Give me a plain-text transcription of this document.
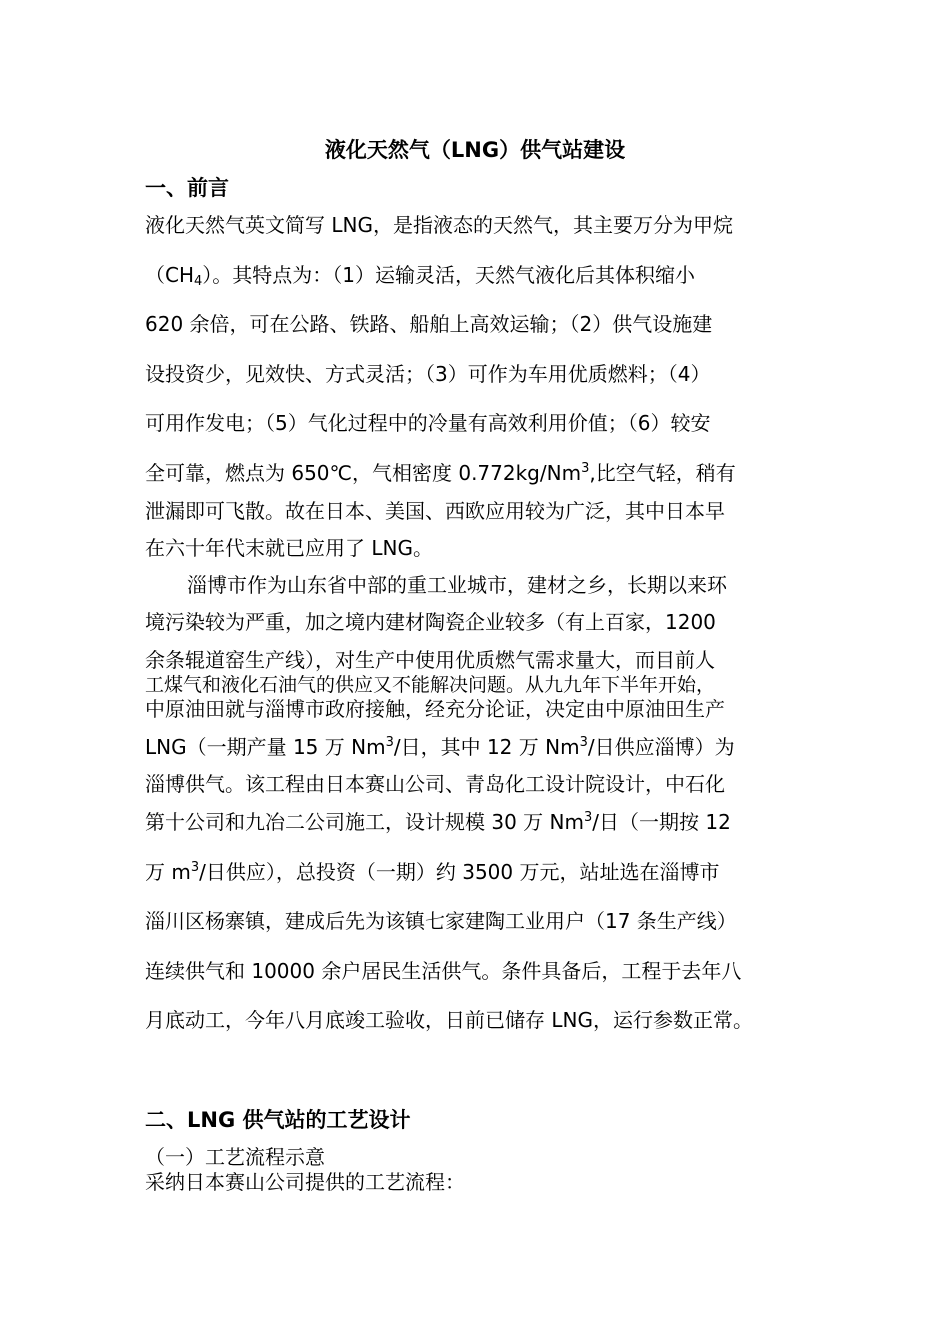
液化天然气（LNG）供气站建设
一、前言
液化天然气英文简写 LNG，是指液态的天然气，其主要万分为甲烷
$(CH_4)$。其特点为：（1）运输灵活，天然气液化后其体积缩小
620 余倍，可在公路、铁路、船舶上高效运输；（2）供气设施建
设投资少，见效快、方式灵活；（3）可作为车用优质燃料；（4）
可用作发电；（5）气化过程中的冷量有高效利用价值；（6）较安
全可靠，燃点为 650℃，气相密度 0.772kg/Nm$^3$,比空气轻，稍有
泄漏即可飞散。故在日本、美国、西欧应用较为广泛，其中日本早
在六十年代末就已应用了 LNG。
淄博市作为山东省中部的重工业城市，建材之乡，长期以来环
境污染较为严重，加之境内建材陶瓷企业较多（有上百家，1200
余条辊道窑生产线），对生产中使用优质燃气需求量大，而目前人
工煤气和液化石油气的供应又不能解决问题。从九九年下半年开始，
中原油田就与淄博市政府接触，经充分论证，决定由中原油田生产
LNG（一期产量 15 万 Nm$^3$/日，其中 12 万 Nm$^3$/日供应淄博）为
淄博供气。该工程由日本赛山公司、青岛化工设计院设计，中石化
第十公司和九冶二公司施工，设计规模 30 万 Nm$^3$/日（一期按 12
万 $m^3/$日供应），总投资（一期）约 3500 万元，站址选在淄博市
淄川区杨寨镇，建成后先为该镇七家建陶工业用户（17 条生产线）
连续供气和 10000 余户居民生活供气。条件具备后，工程于去年八
月底动工，今年八月底竣工验收，日前已储存 LNG，运行参数正常。
二、LNG 供气站的工艺设计
（一）工艺流程示意
采纳日本赛山公司提供的工艺流程：
